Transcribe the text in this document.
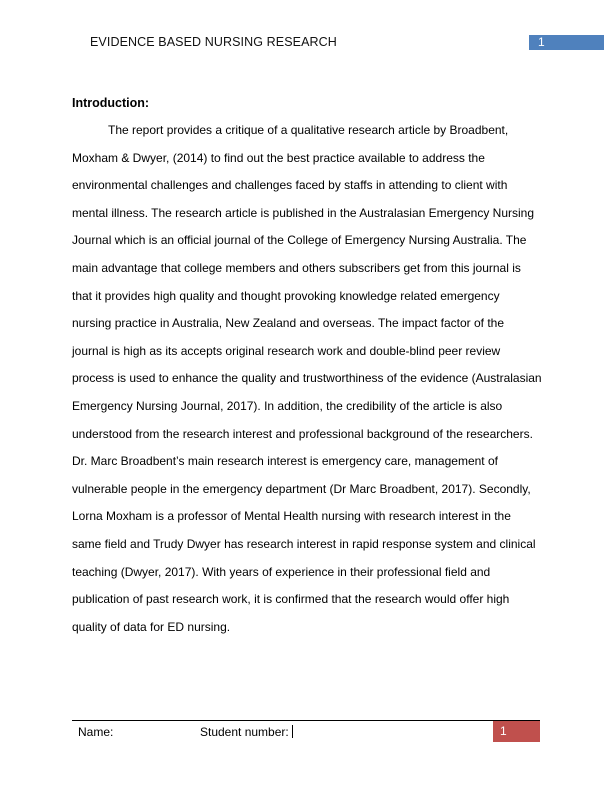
EVIDENCE BASED NURSING RESEARCH	1
Introduction:

The report provides a critique of a qualitative research article by Broadbent, Moxham & Dwyer, (2014) to find out the best practice available to address the environmental challenges and challenges faced by staffs in attending to client with mental illness. The research article is published in the Australasian Emergency Nursing Journal which is an official journal of the College of Emergency Nursing Australia. The main advantage that college members and others subscribers get from this journal is that it provides high quality and thought provoking knowledge related emergency nursing practice in Australia, New Zealand and overseas. The impact factor of the journal is high as its accepts original research work and double-blind peer review process is used to enhance the quality and trustworthiness of the evidence (Australasian Emergency Nursing Journal, 2017). In addition, the credibility of the article is also understood from the research interest and professional background of the researchers. Dr. Marc Broadbent’s main research interest is emergency care, management of vulnerable people in the emergency department (Dr Marc Broadbent, 2017). Secondly, Lorna Moxham is a professor of Mental Health nursing with research interest in the same field and Trudy Dwyer has research interest in rapid response system and clinical teaching (Dwyer, 2017). With years of experience in their professional field and publication of past research work, it is confirmed that the research would offer high quality of data for ED nursing.

Name:	Student number:	1
